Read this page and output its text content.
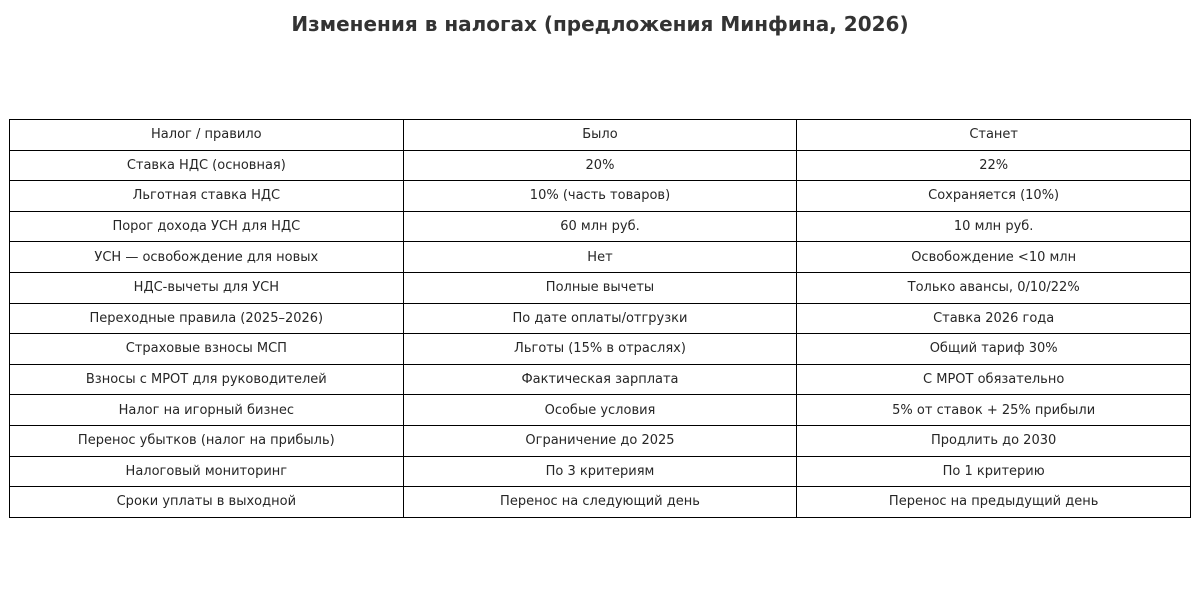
Изменения в налогах (предложения Минфина, 2026)
Налог / правило	Было	Станет
Ставка НДС (основная)	20%	22%
Льготная ставка НДС	10% (часть товаров)	Сохраняется (10%)
Порог дохода УСН для НДС	60 млн руб.	10 млн руб.
УСН — освобождение для новых	Нет	Освобождение <10 млн
НДС-вычеты для УСН	Полные вычеты	Только авансы, 0/10/22%
Переходные правила (2025–2026)	По дате оплаты/отгрузки	Ставка 2026 года
Страховые взносы МСП	Льготы (15% в отраслях)	Общий тариф 30%
Взносы с МРОТ для руководителей	Фактическая зарплата	С МРОТ обязательно
Налог на игорный бизнес	Особые условия	5% от ставок + 25% прибыли
Перенос убытков (налог на прибыль)	Ограничение до 2025	Продлить до 2030
Налоговый мониторинг	По 3 критериям	По 1 критерию
Сроки уплаты в выходной	Перенос на следующий день	Перенос на предыдущий день
